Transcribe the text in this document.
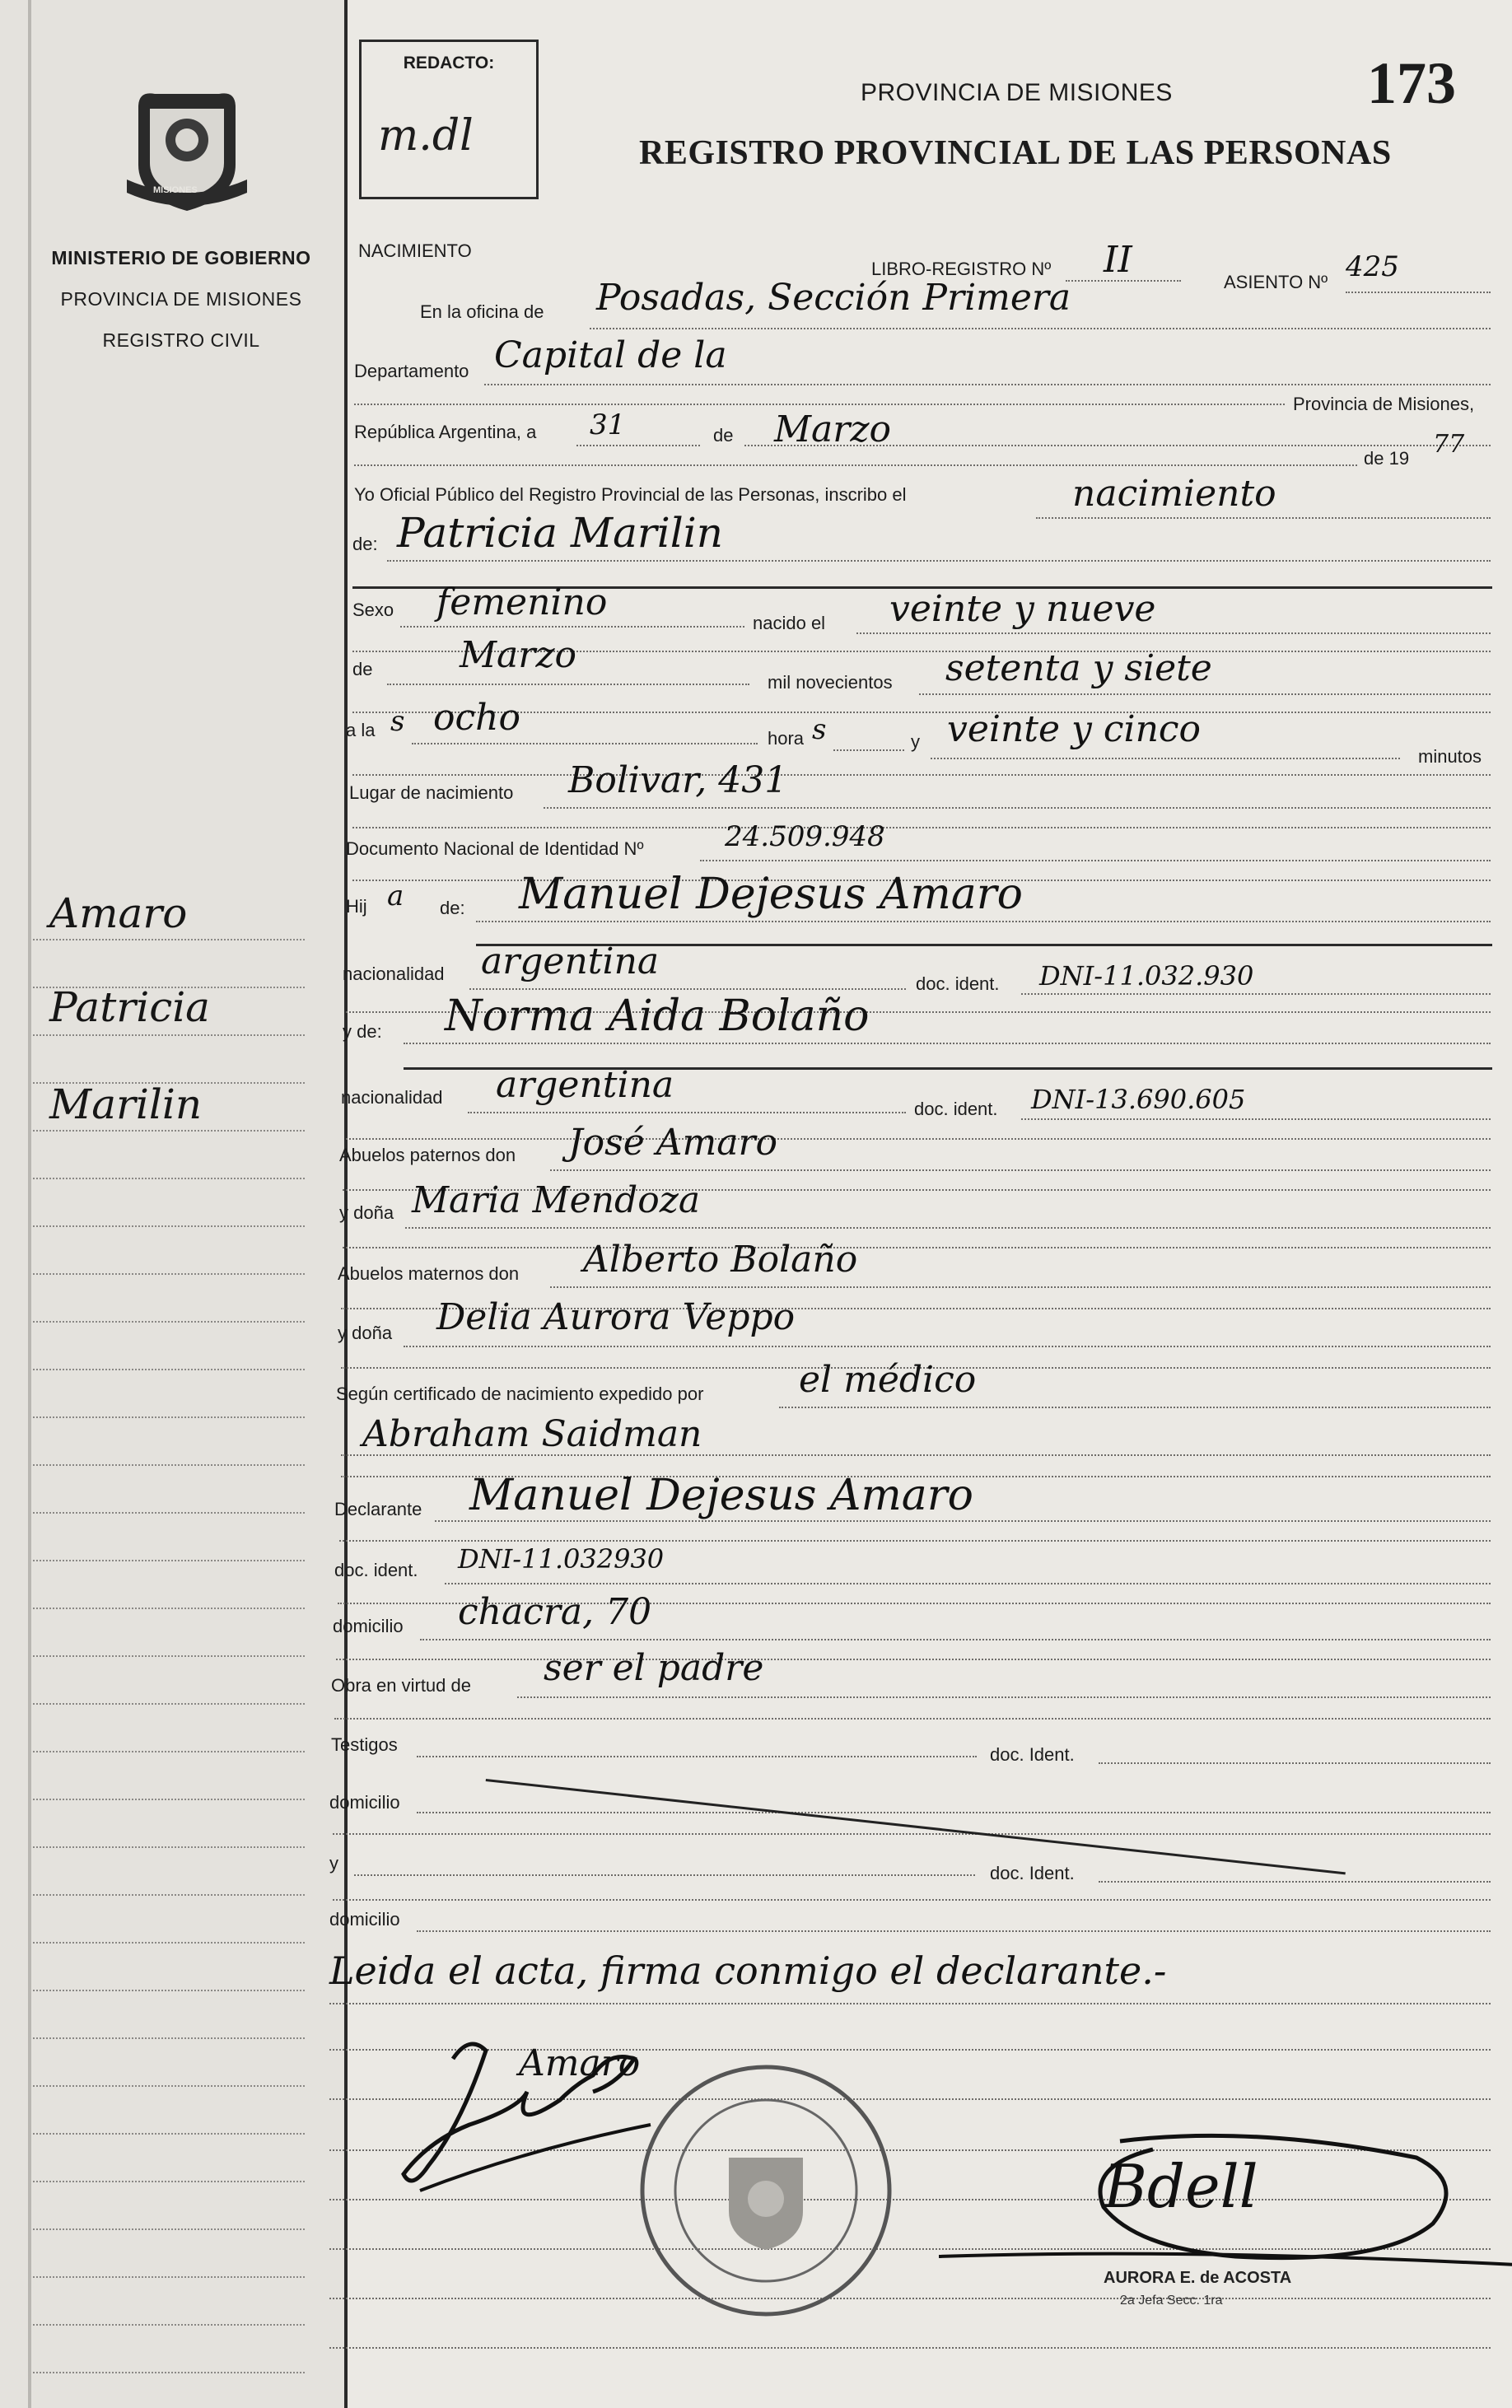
MISIONES
MINISTERIO DE GOBIERNO
PROVINCIA DE MISIONES
REGISTRO CIVIL
Amaro
Patricia
Marilin
REDACTO:
m.dl
PROVINCIA DE MISIONES
REGISTRO PROVINCIAL DE LAS PERSONAS
173
NACIMIENTO
LIBRO-REGISTRO Nº II
ASIENTO Nº 425
En la oficina de Posadas, Sección Primera
Departamento Capital de la
Provincia de Misiones,
República Argentina, a 31	de Marzo
de 19 77
Yo Oficial Público del Registro Provincial de las Personas, inscribo el	nacimiento
de: Patricia Marilin
Sexo femenino	nacido el veinte y nueve
de Marzo
mil novecientos setenta y siete
a la s ocho	hora s	y veinte y cinco
minutos
Lugar de nacimiento Bolivar, 431
Documento Nacional de Identidad Nº	24.509.948
Hij a de: Manuel Dejesus Amaro
nacionalidad argentina
doc. ident. DNI-11.032.930
y de: Norma Aida Bolaño
nacionalidad argentina
doc. ident. DNI-13.690.605
Abuelos paternos don José Amaro
y doña Maria Mendoza
Abuelos maternos don Alberto Bolaño
y doña Delia Aurora Veppo
Según certificado de nacimiento expedido por	el médico
Abraham Saidman
Declarante Manuel Dejesus Amaro
doc. ident. DNI-11.032930
domicilio chacra, 70
Obra en virtud de ser el padre
Testigos	doc. Ident.
domicilio
y	doc. Ident.
domicilio
Leida el acta, firma conmigo el declarante.-
Amaro
Bdell
AURORA E. de ACOSTA
2a Jefa Secc. 1ra
